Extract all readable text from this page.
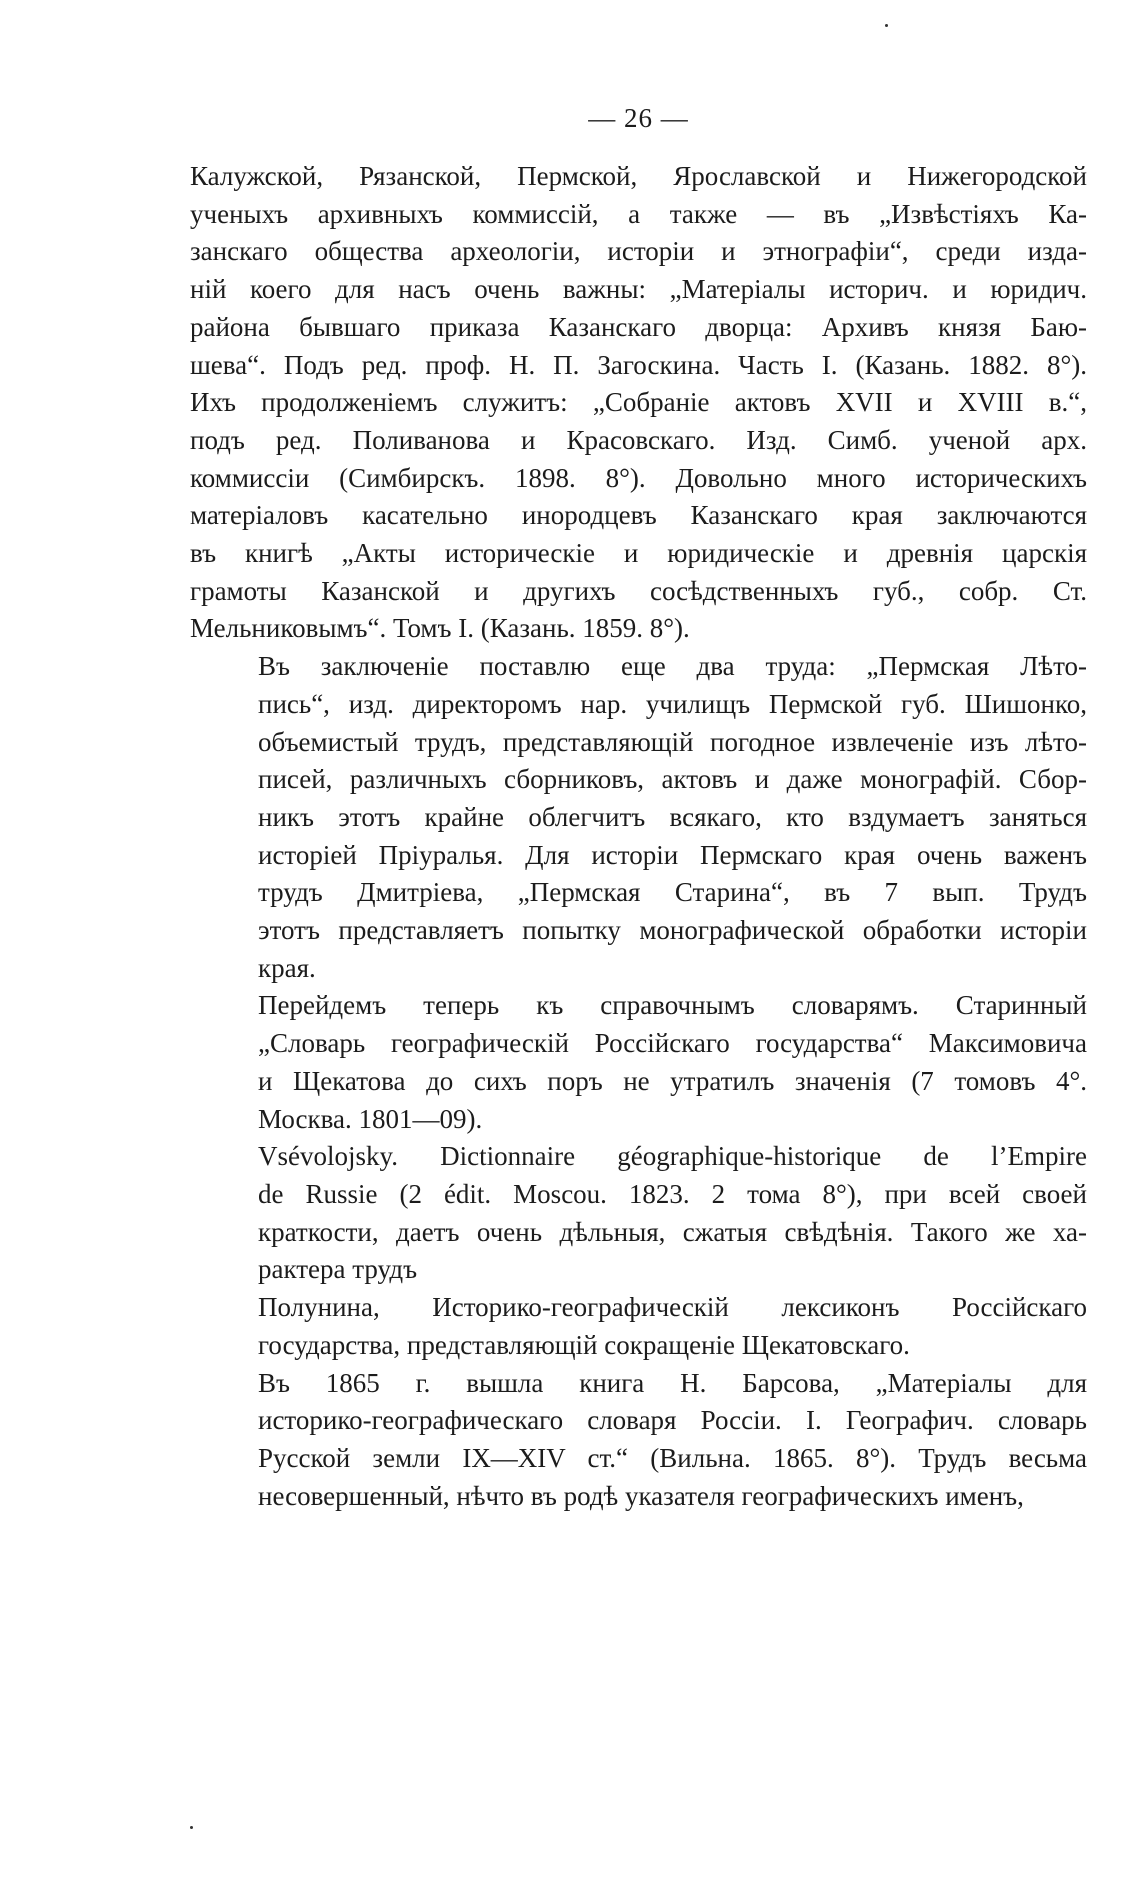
— 26 —

Калужской, Рязанской, Пермской, Ярославской и Нижегородской
ученыхъ архивныхъ коммиссій, а также — въ „Извѣстіяхъ Ка-
занскаго общества археологіи, исторіи и этнографіи“, среди изда-
ній коего для насъ очень важны: „Матеріалы историч. и юридич.
района бывшаго приказа Казанскаго дворца: Архивъ князя Баю-
шева“. Подъ ред. проф. Н. П. Загоскина. Часть I. (Казань. 1882. 8°).
Ихъ продолженіемъ служитъ: „Собраніе актовъ XVII и XVIII в.“,
подъ ред. Поливанова и Красовскаго. Изд. Симб. ученой арх.
коммиссіи (Симбирскъ. 1898. 8°). Довольно много историческихъ
матеріаловъ касательно инородцевъ Казанскаго края заключаются
въ книгѣ „Акты историческіе и юридическіе и древнія царскія
грамоты Казанской и другихъ сосѣдственныхъ губ., собр. Ст.
Мельниковымъ“. Томъ I. (Казань. 1859. 8°).

Въ заключеніе поставлю еще два труда: „Пермская Лѣто-
пись“, изд. директоромъ нар. училищъ Пермской губ. Шишонко,
объемистый трудъ, представляющій погодное извлеченіе изъ лѣто-
писей, различныхъ сборниковъ, актовъ и даже монографій. Сбор-
никъ этотъ крайне облегчитъ всякаго, кто вздумаетъ заняться
исторіей Пріуралья. Для исторіи Пермскаго края очень важенъ
трудъ Дмитріева, „Пермская Старина“, въ 7 вып. Трудъ
этотъ представляетъ попытку монографической обработки исторіи
края.

Перейдемъ теперь къ справочнымъ словарямъ. Старинный
„Словарь географическій Россійскаго государства“ Максимовича
и Щекатова до сихъ поръ не утратилъ значенія (7 томовъ 4°.
Москва. 1801—09).

Vsévolojsky. Dictionnaire géographique-historique de l’Empire
de Russie (2 édit. Moscou. 1823. 2 тома 8°), при всей своей
краткости, даетъ очень дѣльныя, сжатыя свѣдѣнія. Такого же ха-
рактера трудъ

Полунина, Историко-географическій лексиконъ Россійскаго
государства, представляющій сокращеніе Щекатовскаго.

Въ 1865 г. вышла книга Н. Барсова, „Матеріалы для
историко-географическаго словаря Россіи. I. Географич. словарь
Русской земли IX—XIV ст.“ (Вильна. 1865. 8°). Трудъ весьма
несовершенный, нѣчто въ родѣ указателя географическихъ именъ,
